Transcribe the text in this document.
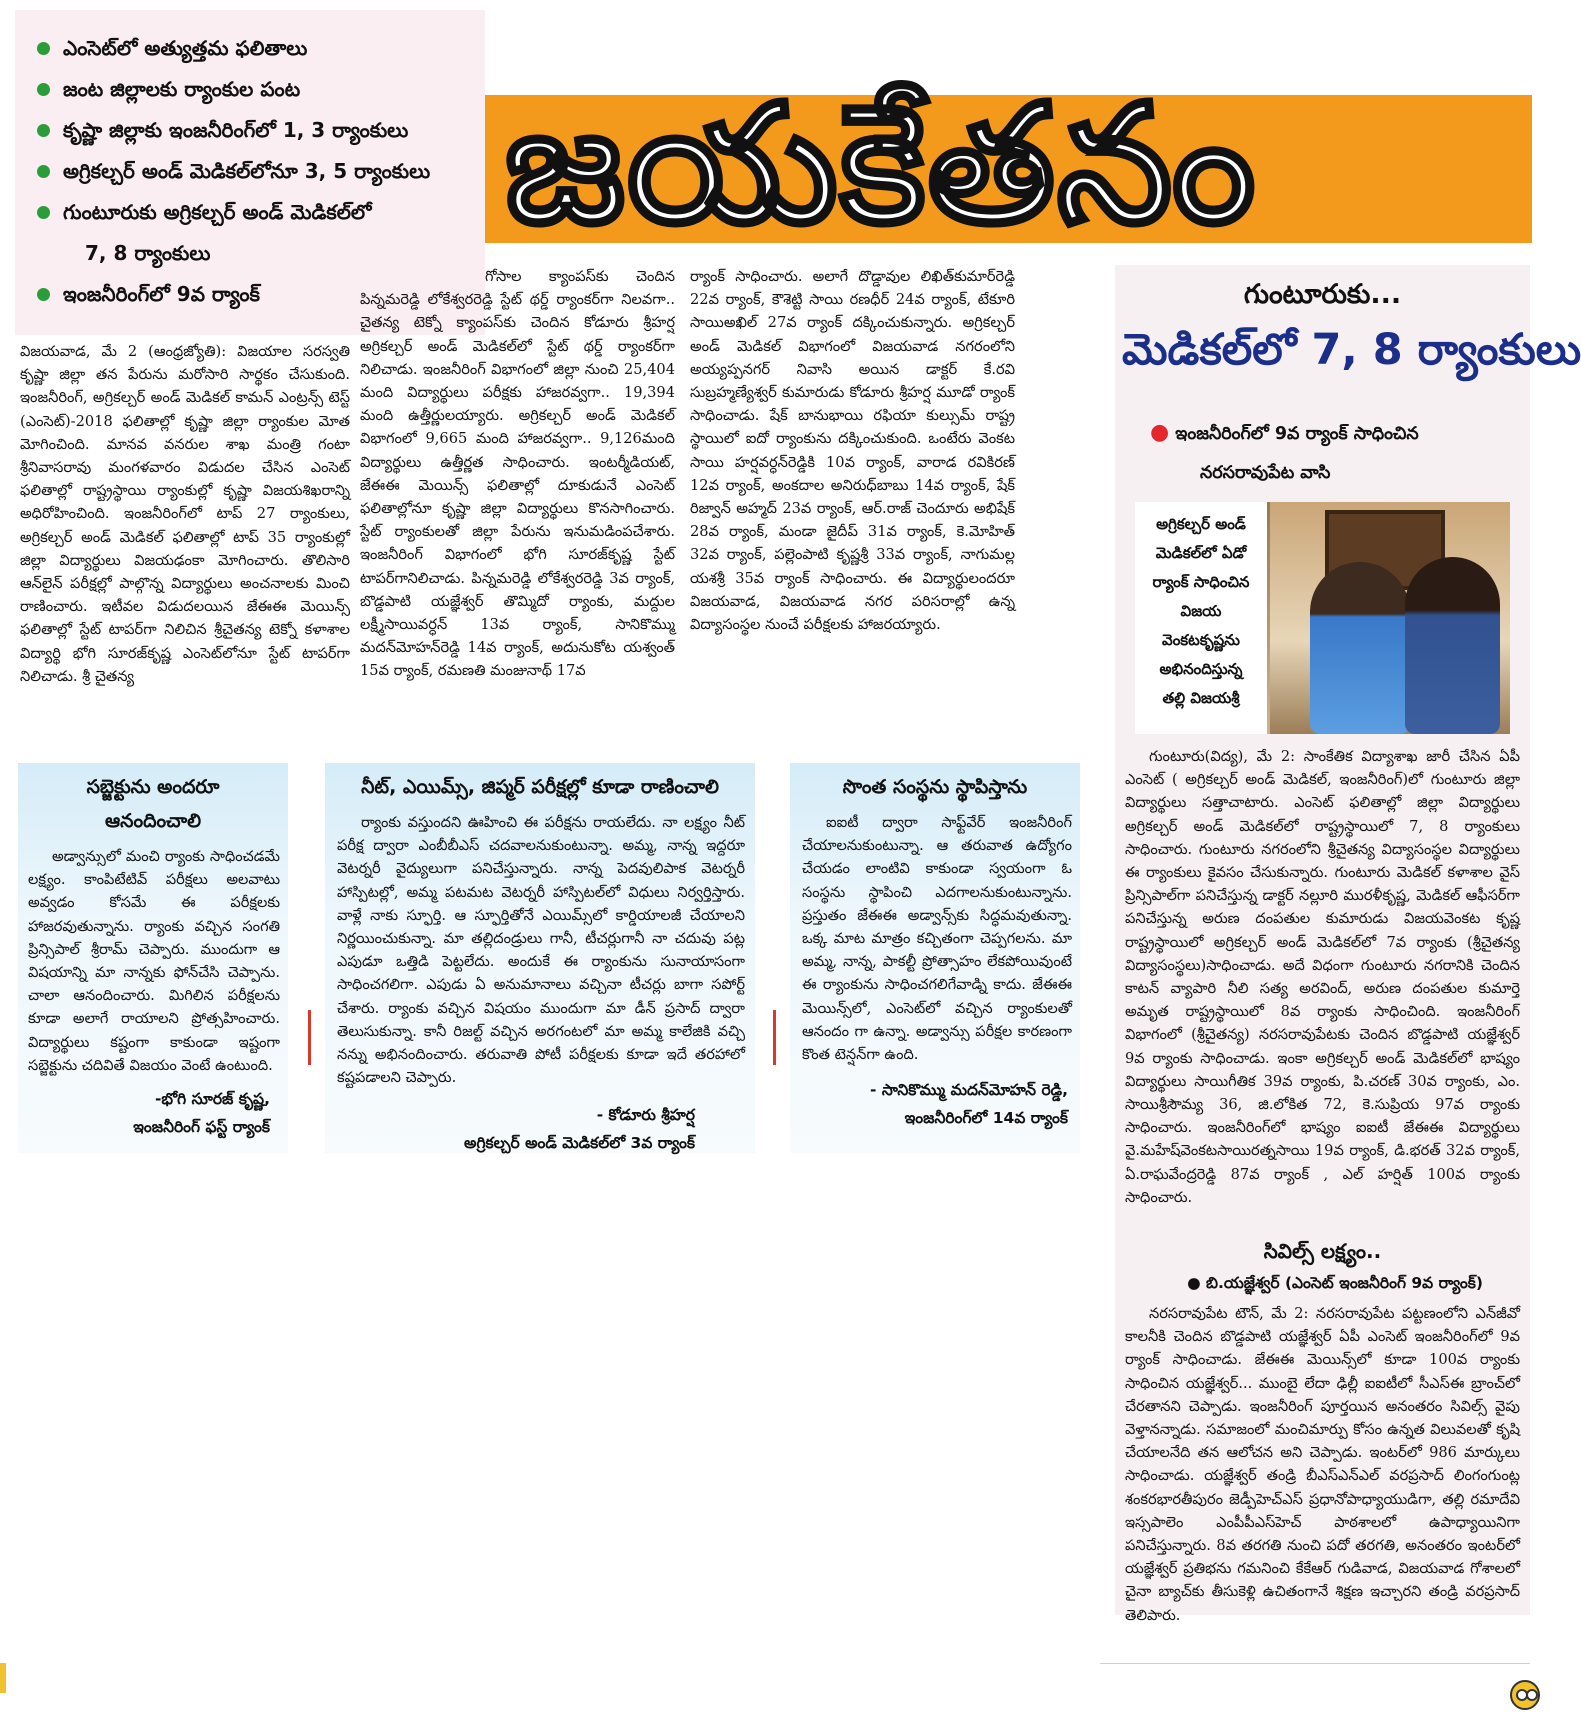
ఎంసెట్‌లో అత్యుత్తమ ఫలితాలు
జంట జిల్లాలకు ర్యాంకుల పంట
కృష్ణా జిల్లాకు ఇంజనీరింగ్‌లో 1, 3 ర్యాంకులు
అగ్రికల్చర్‌ అండ్‌ మెడికల్‌లోనూ 3, 5 ర్యాంకులు
గుంటూరుకు అగ్రికల్చర్‌ అండ్‌ మెడికల్‌లో
7, 8 ర్యాంకులు
ఇంజనీరింగ్‌లో 9వ ర్యాంక్‌
జయకేతనం

విజయవాడ, మే 2 (ఆంధ్రజ్యోతి): విజయాల సరస్వతి కృష్ణా జిల్లా తన పేరును మరోసారి సార్థకం చేసుకుంది. ఇంజనీరింగ్‌, అగ్రికల్చర్‌ అండ్‌ మెడికల్‌ కామన్‌ ఎంట్రన్స్‌ టెస్ట్‌ (ఎంసెట్‌)-2018 ఫలితాల్లో కృష్ణా జిల్లా ర్యాంకుల మోత మోగించింది. మానవ వనరుల శాఖ మంత్రి గంటా శ్రీనివాసరావు మంగళవారం విడుదల చేసిన ఎంసెట్‌ ఫలితాల్లో రాష్ట్రస్థాయి ర్యాంకుల్లో కృష్ణా విజయశిఖరాన్ని అధిరోహించింది. ఇంజనీరింగ్‌లో టాప్‌ 27 ర్యాంకులు, అగ్రికల్చర్‌ అండ్‌ మెడికల్‌ ఫలితాల్లో టాప్‌ 35 ర్యాంకుల్లో జిల్లా విద్యార్థులు విజయఢంకా మోగించారు. తొలిసారి ఆన్‌లైన్‌ పరీక్షల్లో పాల్గొన్న విద్యార్థులు అంచనాలకు మించి రాణించారు. ఇటీవల విడుదలయిన జేఈఈ మెయిన్స్‌ ఫలితాల్లో స్టేట్‌ టాపర్‌గా నిలిచిన శ్రీచైతన్య టెక్నో కళాశాల విద్యార్థి భోగి సూరజ్‌కృష్ణ ఎంసెట్‌లోనూ స్టేట్‌ టాపర్‌గా నిలిచాడు. శ్రీ చైతన్య

గోసాల క్యాంపస్‌కు చెందిన పిన్నమరెడ్డి లోకేశ్వరరెడ్డి స్టేట్‌ థర్డ్‌ ర్యాంకర్‌గా నిలవగా.. చైతన్య టెక్నో క్యాంపస్‌కు చెందిన కోడూరు శ్రీహర్ష అగ్రికల్చర్‌ అండ్‌ మెడికల్‌లో స్టేట్‌ థర్డ్‌ ర్యాంకర్‌గా నిలిచాడు. ఇంజనీరింగ్‌ విభాగంలో జిల్లా నుంచి 25,404 మంది విద్యార్థులు పరీక్షకు హాజరవ్వగా.. 19,394 మంది ఉత్తీర్ణులయ్యారు. అగ్రికల్చర్‌ అండ్‌ మెడికల్‌ విభాగంలో 9,665 మంది హాజరవ్వగా.. 9,126మంది విద్యార్థులు ఉత్తీర్ణత సాధించారు. ఇంటర్మీడియట్‌, జేఈఈ మెయిన్స్‌ ఫలితాల్లో దూకుడునే ఎంసెట్‌ ఫలితాల్లోనూ కృష్ణా జిల్లా విద్యార్థులు కొనసాగించారు. స్టేట్‌ ర్యాంకులతో జిల్లా పేరును ఇనుమడింపచేశారు. ఇంజనీరింగ్‌ విభాగంలో భోగి సూరజ్‌కృష్ణ స్టేట్‌ టాపర్‌గానిలిచాడు. పిన్నమరెడ్డి లోకేశ్వరరెడ్డి 3వ ర్యాంక్‌, బొడ్డపాటి యజ్ఞేశ్వర్‌ తొమ్మిదో ర్యాంకు, మద్దుల లక్ష్మీసాయివర్ధన్‌ 13వ ర్యాంక్‌, సానికొమ్ము మదన్‌మోహన్‌రెడ్డి 14వ ర్యాంక్‌, అదునుకోట యశ్వంత్‌ 15వ ర్యాంక్‌, రమణతి మంజునాథ్‌ 17వ

ర్యాంక్‌ సాధించారు. అలాగే దొడ్డావుల లిఖిత్‌కుమార్‌రెడ్డి 22వ ర్యాంక్‌, కౌశెట్టి సాయి రణధీర్‌ 24వ ర్యాంక్‌, టేకూరి సాయిఅఖిల్‌ 27వ ర్యాంక్‌ దక్కించుకున్నారు. అగ్రికల్చర్‌ అండ్‌ మెడికల్‌ విభాగంలో విజయవాడ నగరంలోని అయ్యప్పనగర్‌ నివాసి అయిన డాక్టర్‌ కే.రవి సుబ్రహ్మణ్యేశ్వర్‌ కుమారుడు కోడూరు శ్రీహర్ష మూడో ర్యాంక్‌ సాధించాడు. షేక్‌ బానుభాయి రఫియా కుల్సుమ్‌ రాష్ట్ర స్థాయిలో ఐదో ర్యాంకును దక్కించుకుంది. ఒంటేరు వెంకట సాయి హర్షవర్ధన్‌రెడ్డికి 10వ ర్యాంక్‌, వారాడ రవికిరణ్‌ 12వ ర్యాంక్‌, అంకదాల అనిరుధ్‌బాబు 14వ ర్యాంక్‌, షేక్‌ రిజ్వాన్‌ అహ్మద్‌ 23వ ర్యాంక్‌, ఆర్‌.రాజ్‌ చెందూరు అభిషేక్‌ 28వ ర్యాంక్‌, మండా జైదీప్‌ 31వ ర్యాంక్‌, కె.మోహిత్‌ 32వ ర్యాంక్‌, పల్లెంపాటి కృష్ణశ్రీ 33వ ర్యాంక్‌, నాగుమల్ల యశశ్రీ 35వ ర్యాంక్‌ సాధించారు. ఈ విద్యార్థులందరూ విజయవాడ, విజయవాడ నగర పరిసరాల్లో ఉన్న విద్యాసంస్థల నుంచే పరీక్షలకు హాజరయ్యారు.

సబ్జెక్టును అందరూ
ఆనందించాలి

అడ్వాన్సులో మంచి ర్యాంకు సాధించడమే లక్ష్యం. కాంపిటేటివ్‌ పరీక్షలు అలవాటు అవ్వడం కోసమే ఈ పరీక్షలకు హాజరవుతున్నాను. ర్యాంకు వచ్చిన సంగతి ప్రిన్సిపాల్‌ శ్రీరామ్‌ చెప్పారు. ముందుగా ఆ విషయాన్ని మా నాన్నకు ఫోన్‌చేసి చెప్పాను. చాలా ఆనందించారు. మిగిలిన పరీక్షలను కూడా అలాగే రాయాలని ప్రోత్సహించారు. విద్యార్థులు కష్టంగా కాకుండా ఇష్టంగా సబ్జెక్టును చదివితే విజయం వెంటే ఉంటుంది.

-భోగి సూరజ్‌ కృష్ణ,
ఇంజనీరింగ్‌ ఫస్ట్‌ ర్యాంక్‌
నీట్‌, ఎయిమ్స్‌, జిప్మర్‌ పరీక్షల్లో కూడా రాణించాలి

ర్యాంకు వస్తుందని ఊహించి ఈ పరీక్షను రాయలేదు. నా లక్ష్యం నీట్‌ పరీక్ష ద్వారా ఎంబీబీఎస్‌ చదవాలనుకుంటున్నా. అమ్మ, నాన్న ఇద్దరూ వెటర్నరీ వైద్యులుగా పనిచేస్తున్నారు. నాన్న పెదవులిపాక వెటర్నరీ హాస్పిటల్లో, అమ్మ పటమట వెటర్నరీ హాస్పిటల్‌లో విధులు నిర్వర్తిస్తారు. వాళ్లే నాకు స్ఫూర్తి. ఆ స్ఫూర్తితోనే ఎయిమ్స్‌లో కార్డియాలజీ చేయాలని నిర్ణయించుకున్నా. మా తల్లిదండ్రులు గానీ, టీచర్లుగానీ నా చదువు పట్ల ఎపుడూ ఒత్తిడి పెట్టలేదు. అందుకే ఈ ర్యాంకును సునాయాసంగా సాధించగలిగా. ఎపుడు ఏ అనుమానాలు వచ్చినా టీచర్లు బాగా సపోర్ట్‌ చేశారు. ర్యాంకు వచ్చిన విషయం ముందుగా మా డీన్‌ ప్రసాద్‌ ద్వారా తెలుసుకున్నా. కానీ రిజల్ట్‌ వచ్చిన అరగంటలో మా అమ్మ కాలేజికి వచ్చి నన్ను అభినందించారు. తరువాతి పోటీ పరీక్షలకు కూడా ఇదే తరహాలో కష్టపడాలని చెప్పారు.

- కోడూరు శ్రీహర్ష
అగ్రికల్చర్‌ అండ్‌ మెడికల్‌లో 3వ ర్యాంక్‌
సొంత సంస్థను స్థాపిస్తాను

ఐఐటీ ద్వారా సాఫ్ట్‌వేర్‌ ఇంజనీరింగ్‌ చేయాలనుకుంటున్నా. ఆ తరువాత ఉద్యోగం చేయడం లాంటివి కాకుండా స్వయంగా ఓ సంస్థను స్థాపించి ఎదగాలనుకుంటున్నాను. ప్రస్తుతం జేఈఈ అడ్వాన్స్‌కు సిద్ధమవుతున్నా. ఒక్క మాట మాత్రం కచ్చితంగా చెప్పగలను. మా అమ్మ, నాన్న, పాకల్టీ ప్రోత్సాహం లేకపోయివుంటే ఈ ర్యాంకును సాధించగలిగేవాడ్ని కాదు. జేఈఈ మెయిన్స్‌లో, ఎంసెట్‌లో వచ్చిన ర్యాంకులతో ఆనందం గా ఉన్నా. అడ్వాన్సు పరీక్షల కారణంగా కొంత టెన్షన్‌గా ఉంది.

- సానికొమ్ము మదన్‌మోహన్‌ రెడ్డి,
ఇంజనీరింగ్‌లో 14వ ర్యాంక్‌
గుంటూరుకు...
మెడికల్‌లో 7, 8 ర్యాంకులు
● ఇంజనీరింగ్‌లో 9వ ర్యాంక్‌ సాధించిన
నరసరావుపేట వాసి
అగ్రికల్చర్‌ అండ్‌
మెడికల్‌లో ఏడో
ర్యాంక్‌ సాధించిన
విజయ
వెంకటకృష్ణను
అభినందిస్తున్న
తల్లి విజయశ్రీ

గుంటూరు(విద్య), మే 2: సాంకేతిక విద్యాశాఖ జారీ చేసిన ఏపీ ఎంసెట్‌ ( అగ్రికల్చర్‌ అండ్‌ మెడికల్‌, ఇంజనీరింగ్‌)లో గుంటూరు జిల్లా విద్యార్థులు సత్తాచాటారు. ఎంసెట్‌ ఫలితాల్లో జిల్లా విద్యార్థులు అగ్రికల్చర్‌ అండ్‌ మెడికల్‌లో రాష్ట్రస్థాయిలో 7, 8 ర్యాంకులు సాధించారు. గుంటూరు నగరంలోని శ్రీచైతన్య విద్యాసంస్థల విద్యార్థులు ఈ ర్యాంకులు కైవసం చేసుకున్నారు. గుంటూరు మెడికల్‌ కళాశాల వైస్‌ ప్రిన్సిపాల్‌గా పనిచేస్తున్న డాక్టర్‌ నల్లూరి మురళీకృష్ణ, మెడికల్‌ ఆఫీసర్‌గా పనిచేస్తున్న అరుణ దంపతుల కుమారుడు విజయవెంకట కృష్ణ రాష్ట్రస్థాయిలో అగ్రికల్చర్‌ అండ్‌ మెడికల్‌లో 7వ ర్యాంకు (శ్రీచైతన్య విద్యాసంస్థలు)సాధించాడు. అదే విధంగా గుంటూరు నగరానికి చెందిన కాటన్‌ వ్యాపారి నీలి సత్య అరవింద్‌, అరుణ దంపతుల కుమార్తె అమృత రాష్ట్రస్థాయిలో 8వ ర్యాంకు సాధించింది. ఇంజనీరింగ్‌ విభాగంలో (శ్రీచైతన్య) నరసరావుపేటకు చెందిన బొడ్డపాటి యజ్ఞేశ్వర్‌ 9వ ర్యాంకు సాధించాడు. ఇంకా అగ్రికల్చర్‌ అండ్‌ మెడికల్‌లో భాష్యం విద్యార్థులు సాయిగీతిక 39వ ర్యాంకు, పి.చరణ్‌ 30వ ర్యాంకు, ఎం. సాయిశ్రీసౌమ్య 36, జి.లోకిత 72, కె.సుప్రియ 97వ ర్యాంకు సాధించారు. ఇంజనీరింగ్‌లో భాష్యం ఐఐటీ జేఈఈ విద్యార్థులు వై.మహేష్‌వెంకటసాయిరత్నసాయి 19వ ర్యాంక్‌, డి.భరత్‌ 32వ ర్యాంక్‌, ఏ.రాఘవేంద్రరెడ్డి 87వ ర్యాంక్‌ , ఎల్‌ హర్షిత్‌ 100వ ర్యాంకు సాధించారు.

సివిల్స్‌ లక్ష్యం..
● బి.యజ్ఞేశ్వర్‌ (ఎంసెట్‌ ఇంజనీరింగ్‌ 9వ ర్యాంక్‌)

నరసరావుపేట టౌన్‌, మే 2: నరసరావుపేట పట్టణంలోని ఎన్‌జీవో కాలనీకి చెందిన బొడ్డపాటి యజ్ఞేశ్వర్‌ ఏపీ ఎంసెట్‌ ఇంజనీరింగ్‌లో 9వ ర్యాంక్‌ సాధించాడు. జేఈఈ మెయిన్స్‌లో కూడా 100వ ర్యాంకు సాధించిన యజ్ఞేశ్వర్‌... ముంబై లేదా ఢిల్లీ ఐఐటీలో సీఎస్‌ఈ బ్రాంచ్‌లో చేరతానని చెప్పాడు. ఇంజనీరింగ్‌ పూర్తయిన అనంతరం సివిల్స్‌ వైపు వెళ్తానన్నాడు. సమాజంలో మంచిమార్పు కోసం ఉన్నత విలువలతో కృషి చేయాలనేది తన ఆలోచన అని చెప్పాడు. ఇంటర్‌లో 986 మార్కులు సాధించాడు. యజ్ఞేశ్వర్‌ తండ్రి బీఎస్‌ఎన్‌ఎల్‌ వరప్రసాద్‌ లింగంగుంట్ల శంకరభారతీపురం జెడ్పీహెచ్‌ఎస్‌ ప్రధానోపాధ్యాయుడిగా, తల్లి రమాదేవి ఇస్సపాలెం ఎంపీపీఎస్‌హెచ్‌ పాఠశాలలో ఉపాధ్యాయినిగా పనిచేస్తున్నారు. 8వ తరగతి నుంచి పదో తరగతి, అనంతరం ఇంటర్‌లో యజ్ఞేశ్వర్‌ ప్రతిభను గమనించి కేకేఆర్‌ గుడివాడ, విజయవాడ గోశాలలో చైనా బ్యాచ్‌కు తీసుకెళ్లి ఉచితంగానే శిక్షణ ఇచ్చారని తండ్రి వరప్రసాద్‌ తెలిపారు.
